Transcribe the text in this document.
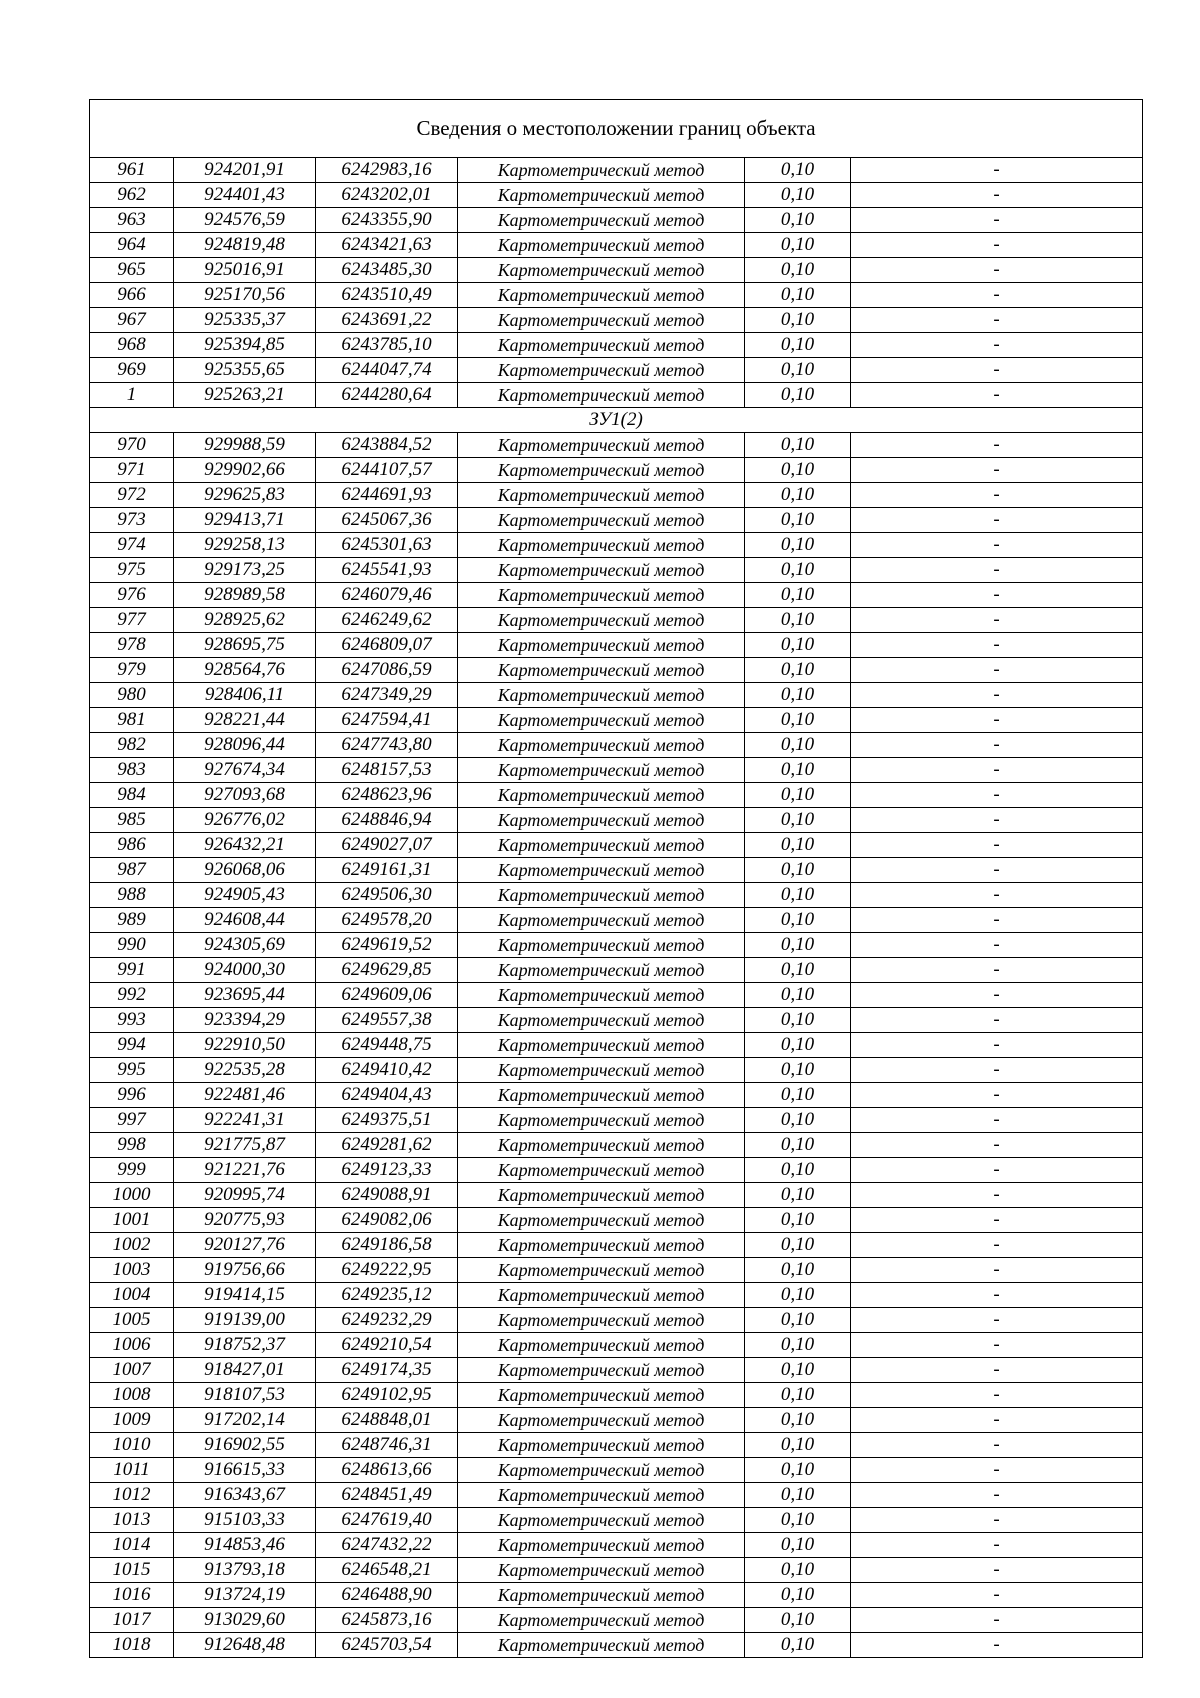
Сведения о местоположении границ объекта					
961	924201,91	6242983,16	Картометрический метод	0,10	-
962	924401,43	6243202,01	Картометрический метод	0,10	-
963	924576,59	6243355,90	Картометрический метод	0,10	-
964	924819,48	6243421,63	Картометрический метод	0,10	-
965	925016,91	6243485,30	Картометрический метод	0,10	-
966	925170,56	6243510,49	Картометрический метод	0,10	-
967	925335,37	6243691,22	Картометрический метод	0,10	-
968	925394,85	6243785,10	Картометрический метод	0,10	-
969	925355,65	6244047,74	Картометрический метод	0,10	-
1	925263,21	6244280,64	Картометрический метод	0,10	-
ЗУ1(2)					
970	929988,59	6243884,52	Картометрический метод	0,10	-
971	929902,66	6244107,57	Картометрический метод	0,10	-
972	929625,83	6244691,93	Картометрический метод	0,10	-
973	929413,71	6245067,36	Картометрический метод	0,10	-
974	929258,13	6245301,63	Картометрический метод	0,10	-
975	929173,25	6245541,93	Картометрический метод	0,10	-
976	928989,58	6246079,46	Картометрический метод	0,10	-
977	928925,62	6246249,62	Картометрический метод	0,10	-
978	928695,75	6246809,07	Картометрический метод	0,10	-
979	928564,76	6247086,59	Картометрический метод	0,10	-
980	928406,11	6247349,29	Картометрический метод	0,10	-
981	928221,44	6247594,41	Картометрический метод	0,10	-
982	928096,44	6247743,80	Картометрический метод	0,10	-
983	927674,34	6248157,53	Картометрический метод	0,10	-
984	927093,68	6248623,96	Картометрический метод	0,10	-
985	926776,02	6248846,94	Картометрический метод	0,10	-
986	926432,21	6249027,07	Картометрический метод	0,10	-
987	926068,06	6249161,31	Картометрический метод	0,10	-
988	924905,43	6249506,30	Картометрический метод	0,10	-
989	924608,44	6249578,20	Картометрический метод	0,10	-
990	924305,69	6249619,52	Картометрический метод	0,10	-
991	924000,30	6249629,85	Картометрический метод	0,10	-
992	923695,44	6249609,06	Картометрический метод	0,10	-
993	923394,29	6249557,38	Картометрический метод	0,10	-
994	922910,50	6249448,75	Картометрический метод	0,10	-
995	922535,28	6249410,42	Картометрический метод	0,10	-
996	922481,46	6249404,43	Картометрический метод	0,10	-
997	922241,31	6249375,51	Картометрический метод	0,10	-
998	921775,87	6249281,62	Картометрический метод	0,10	-
999	921221,76	6249123,33	Картометрический метод	0,10	-
1000	920995,74	6249088,91	Картометрический метод	0,10	-
1001	920775,93	6249082,06	Картометрический метод	0,10	-
1002	920127,76	6249186,58	Картометрический метод	0,10	-
1003	919756,66	6249222,95	Картометрический метод	0,10	-
1004	919414,15	6249235,12	Картометрический метод	0,10	-
1005	919139,00	6249232,29	Картометрический метод	0,10	-
1006	918752,37	6249210,54	Картометрический метод	0,10	-
1007	918427,01	6249174,35	Картометрический метод	0,10	-
1008	918107,53	6249102,95	Картометрический метод	0,10	-
1009	917202,14	6248848,01	Картометрический метод	0,10	-
1010	916902,55	6248746,31	Картометрический метод	0,10	-
1011	916615,33	6248613,66	Картометрический метод	0,10	-
1012	916343,67	6248451,49	Картометрический метод	0,10	-
1013	915103,33	6247619,40	Картометрический метод	0,10	-
1014	914853,46	6247432,22	Картометрический метод	0,10	-
1015	913793,18	6246548,21	Картометрический метод	0,10	-
1016	913724,19	6246488,90	Картометрический метод	0,10	-
1017	913029,60	6245873,16	Картометрический метод	0,10	-
1018	912648,48	6245703,54	Картометрический метод	0,10	-
